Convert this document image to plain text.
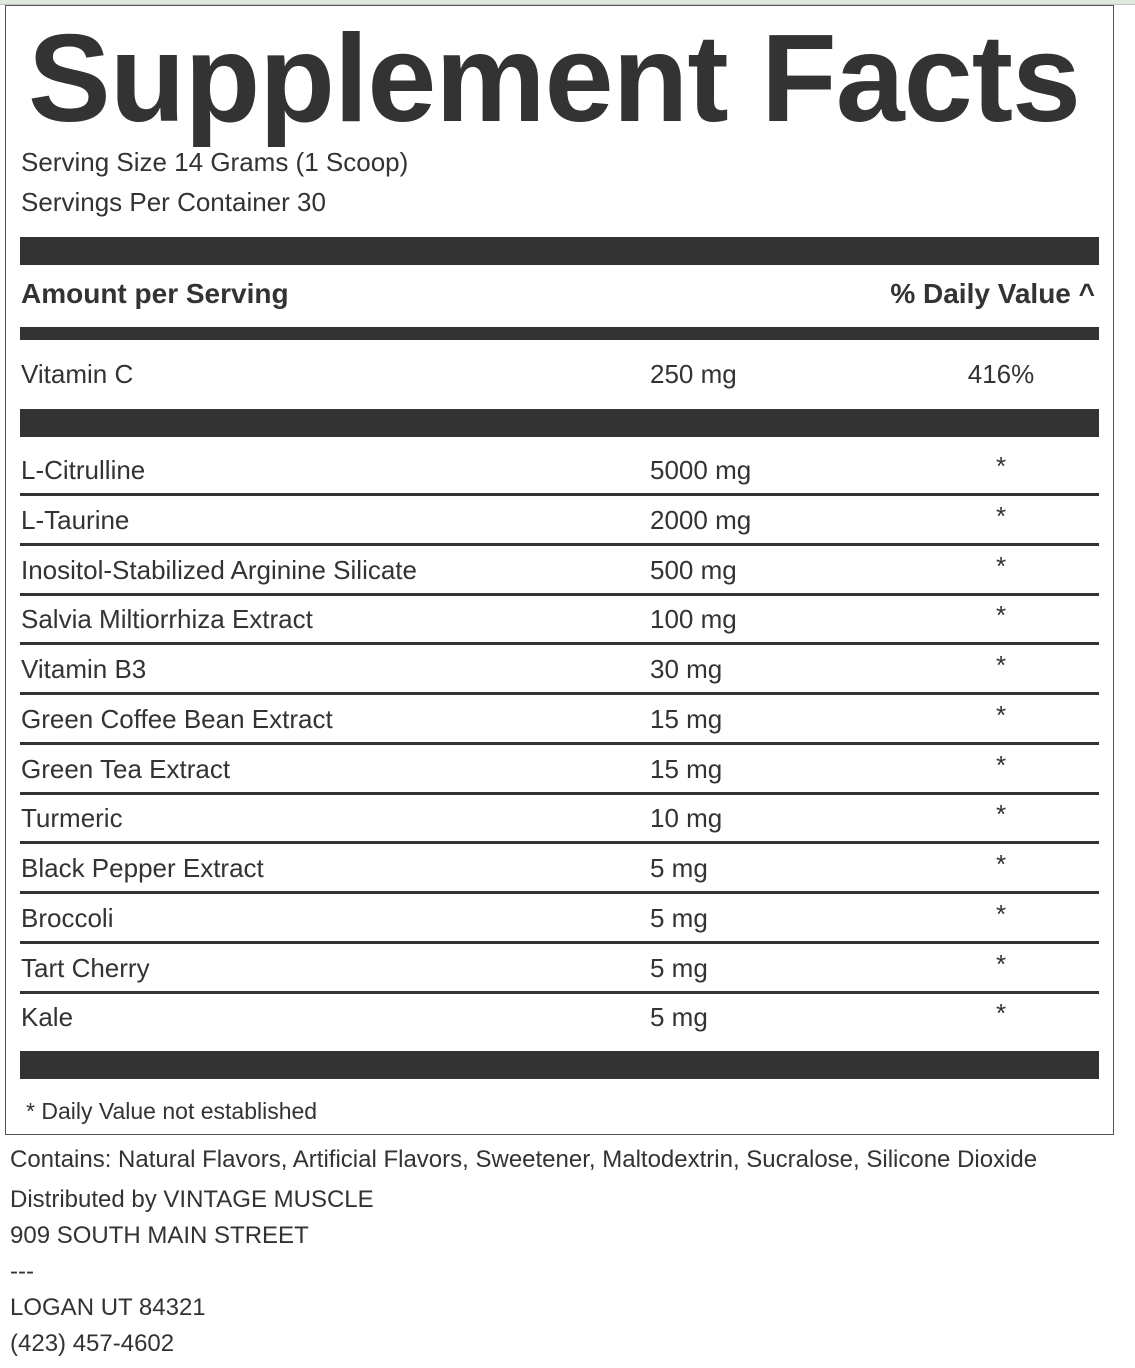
Supplement Facts
Serving Size 14 Grams (1 Scoop)
Servings Per Container 30
Amount per Serving	% Daily Value ^
Vitamin C	250 mg	416%
L-Citrulline	5000 mg	*
L-Taurine	2000 mg	*
Inositol-Stabilized Arginine Silicate	500 mg	*
Salvia Miltiorrhiza Extract	100 mg	*
Vitamin B3	30 mg	*
Green Coffee Bean Extract	15 mg	*
Green Tea Extract	15 mg	*
Turmeric	10 mg	*
Black Pepper Extract	5 mg	*
Broccoli	5 mg	*
Tart Cherry	5 mg	*
Kale	5 mg	*
* Daily Value not established
Contains: Natural Flavors, Artificial Flavors, Sweetener, Maltodextrin, Sucralose, Silicone Dioxide
Distributed by VINTAGE MUSCLE
909 SOUTH MAIN STREET
---
LOGAN UT 84321
(423) 457-4602
